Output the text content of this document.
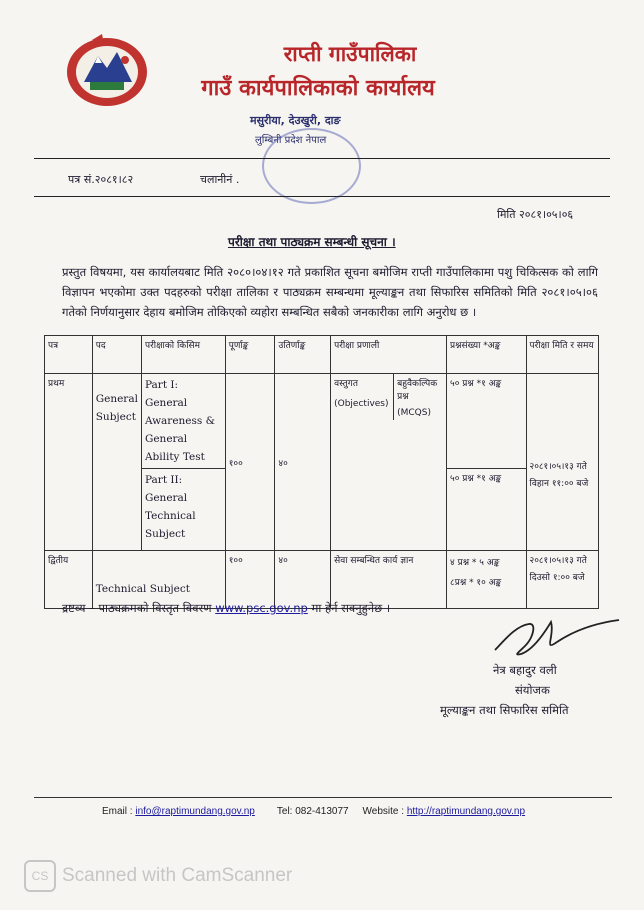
राप्ती गाउँपालिका
गाउँ कार्यपालिकाको कार्यालय
मसुरीया, देउखुरी, दाङ
लुम्बिनी प्रदेश नेपाल
पत्र सं.२०८१।८२	चलानीनं .
मिति २०८१।०५।०६
परीक्षा तथा पाठ्यक्रम सम्बन्धी सूचना ।
प्रस्तुत विषयमा, यस कार्यालयबाट मिति २०८०।०४।१२ गते प्रकाशित सूचना बमोजिम राप्ती गाउँपालिकामा पशु चिकित्सक को लागि विज्ञापन भएकोमा उक्त पदहरुको परीक्षा तालिका र पाठ्यक्रम सम्बन्धमा मूल्याङ्कन तथा सिफारिस समितिको मिति २०८१।०५।०६ गतेको निर्णयानुसार देहाय बमोजिम तोकिएको व्यहोरा सम्बन्धित सबैको जनकारीका लागि अनुरोध छ ।
पत्र	पद	परीक्षाको किसिम	पूर्णाङ्क	उतिर्णाङ्क	परीक्षा प्रणाली	प्रश्नसंख्या *अङ्क	परीक्षा मिति र समय
प्रथम	General Subject	Part I: General Awareness & General Ability Test	१००	४०	वस्तुगत
(Objectives)
बहुवैकल्पिक प्रश्न
(MCQS)	५० प्रश्न *१ अङ्क	२०८१।०५।१३ गते विहान ११:०० बजे
		Part II: General Technical Subject				५० प्रश्न *१ अङ्क	
द्वितीय	Technical Subject		१००	४०	सेवा सम्बन्धित कार्य ज्ञान	४ प्रश्न * ५ अङ्क
८प्रश्न * १० अङ्क	२०८१।०५।१३ गते दिउसो १:०० बजे
द्रष्टव्य – पाठ्यक्रमको विस्तृत विवरण www.psc.gov.np मा हेर्न सक्नुहुनेछ ।
नेत्र बहादुर वली
संयोजक
मूल्याङ्कन तथा सिफारिस समिति
Email : info@raptimundang.gov.np Tel: 082-413077 Website : http://raptimundang.gov.np
CS Scanned with CamScanner
